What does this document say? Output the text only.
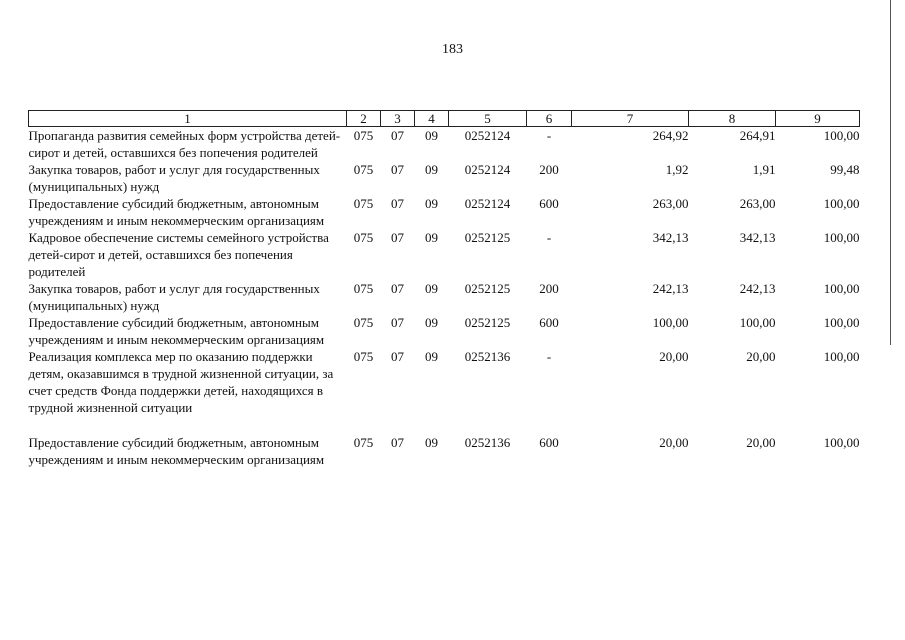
183
1	2	3	4	5	6	7	8	9
Пропаганда развития семейных форм устройства детей-сирот и детей, оставшихся без попечения родителей	075	07	09	0252124	-	264,92	264,91	100,00
Закупка товаров, работ и услуг для государственных (муниципальных) нужд	075	07	09	0252124	200	1,92	1,91	99,48
Предоставление субсидий бюджетным, автономным учреждениям и иным некоммерческим организациям	075	07	09	0252124	600	263,00	263,00	100,00
Кадровое обеспечение системы семейного устройства детей-сирот и детей, оставшихся без попечения родителей	075	07	09	0252125	-	342,13	342,13	100,00
Закупка товаров, работ и услуг для государственных (муниципальных) нужд	075	07	09	0252125	200	242,13	242,13	100,00
Предоставление субсидий бюджетным, автономным учреждениям и иным некоммерческим организациям	075	07	09	0252125	600	100,00	100,00	100,00
Реализация комплекса мер по оказанию поддержки детям, оказавшимся в трудной жизненной ситуации, за счет средств Фонда поддержки детей, находящихся в трудной жизненной ситуации	075	07	09	0252136	-	20,00	20,00	100,00

Предоставление субсидий бюджетным, автономным учреждениям и иным некоммерческим организациям	075	07	09	0252136	600	20,00	20,00	100,00
